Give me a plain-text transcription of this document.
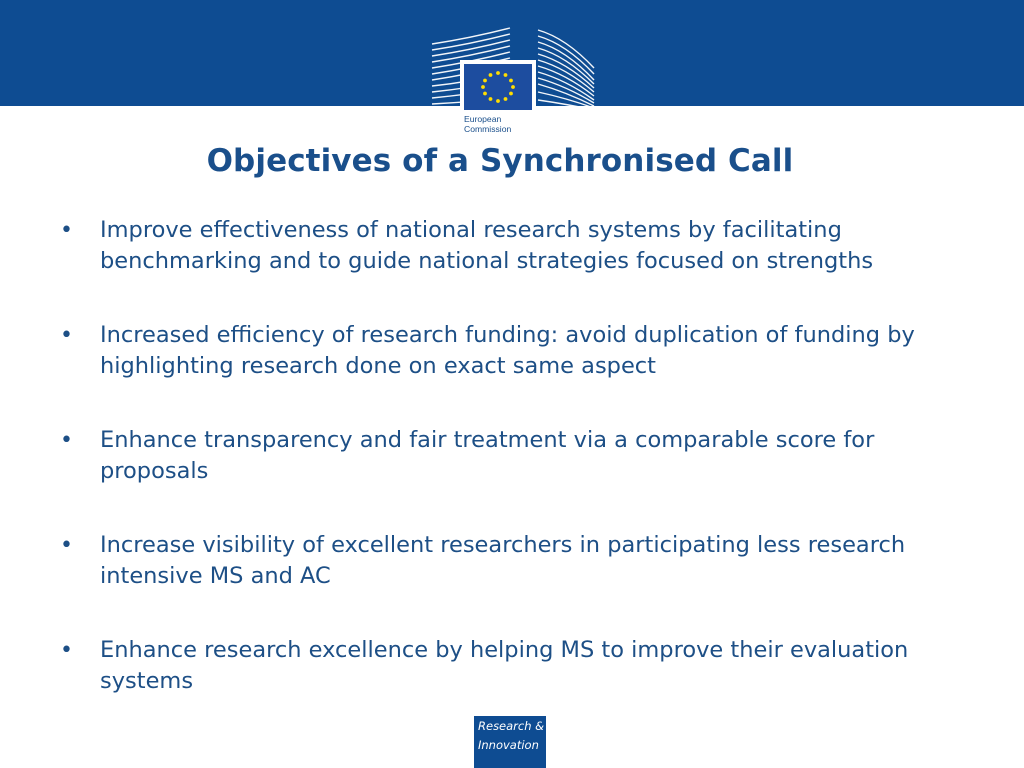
European
Commission
Objectives of a Synchronised Call
• Improve effectiveness of national research systems by facilitating benchmarking and to guide national strategies focused on strengths
• Increased efficiency of research funding: avoid duplication of funding by highlighting research done on exact same aspect
• Enhance transparency and fair treatment via a comparable score for proposals
• Increase visibility of excellent researchers in participating less research intensive MS and AC
• Enhance research excellence by helping MS to improve their evaluation systems
Research &
Innovation
